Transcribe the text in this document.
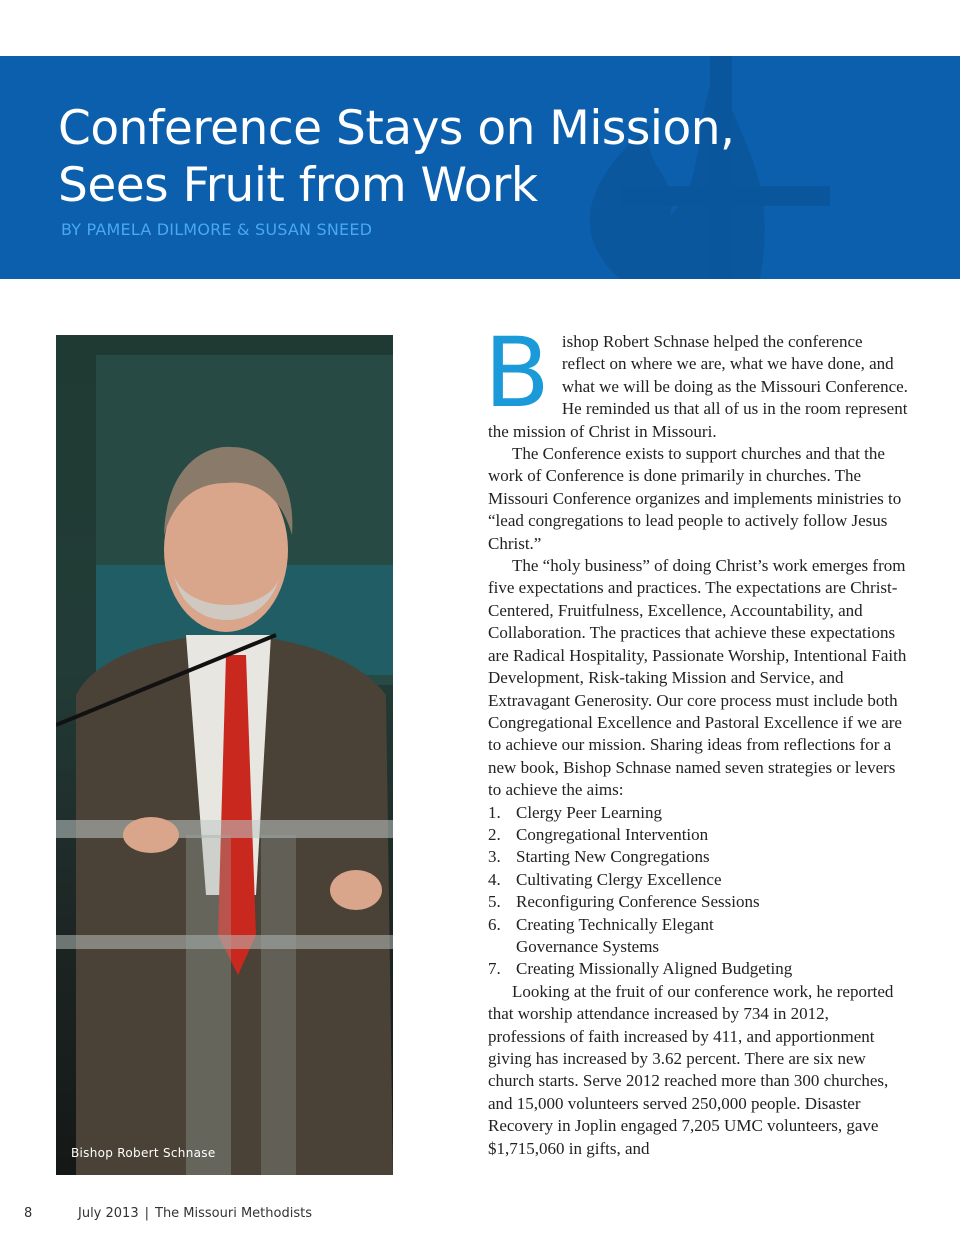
Conference Stays on Mission,
Sees Fruit from Work

BY PAMELA DILMORE & SUSAN SNEED

Bishop Robert Schnase

Bishop Robert Schnase helped the conference reflect on where we are, what we have done, and what we will be doing as the Missouri Conference. He reminded us that all of us in the room represent the mission of Christ in Missouri.

The Conference exists to support churches and that the work of Conference is done primarily in churches. The Missouri Conference organizes and implements ministries to “lead congregations to lead people to actively follow Jesus Christ.”

The “holy business” of doing Christ’s work emerges from five expectations and practices. The expectations are Christ-Centered, Fruitfulness, Excellence, Accountability, and Collaboration. The practices that achieve these expectations are Radical Hospitality, Passionate Worship, Intentional Faith Development, Risk-taking Mission and Service, and Extravagant Generosity. Our core process must include both Congregational Excellence and Pastoral Excellence if we are to achieve our mission. Sharing ideas from reflections for a new book, Bishop Schnase named seven strategies or levers to achieve the aims:

1. Clergy Peer Learning
2. Congregational Intervention
3. Starting New Congregations
4. Cultivating Clergy Excellence
5. Reconfiguring Conference Sessions
6. Creating Technically Elegant Governance Systems
7. Creating Missionally Aligned Budgeting

Looking at the fruit of our conference work, he reported that worship attendance increased by 734 in 2012, professions of faith increased by 411, and apportionment giving has increased by 3.62 percent. There are six new church starts. Serve 2012 reached more than 300 churches, and 15,000 volunteers served 250,000 people. Disaster Recovery in Joplin engaged 7,205 UMC volunteers, gave $1,715,060 in gifts, and

8	July 2013 | The Missouri Methodists
